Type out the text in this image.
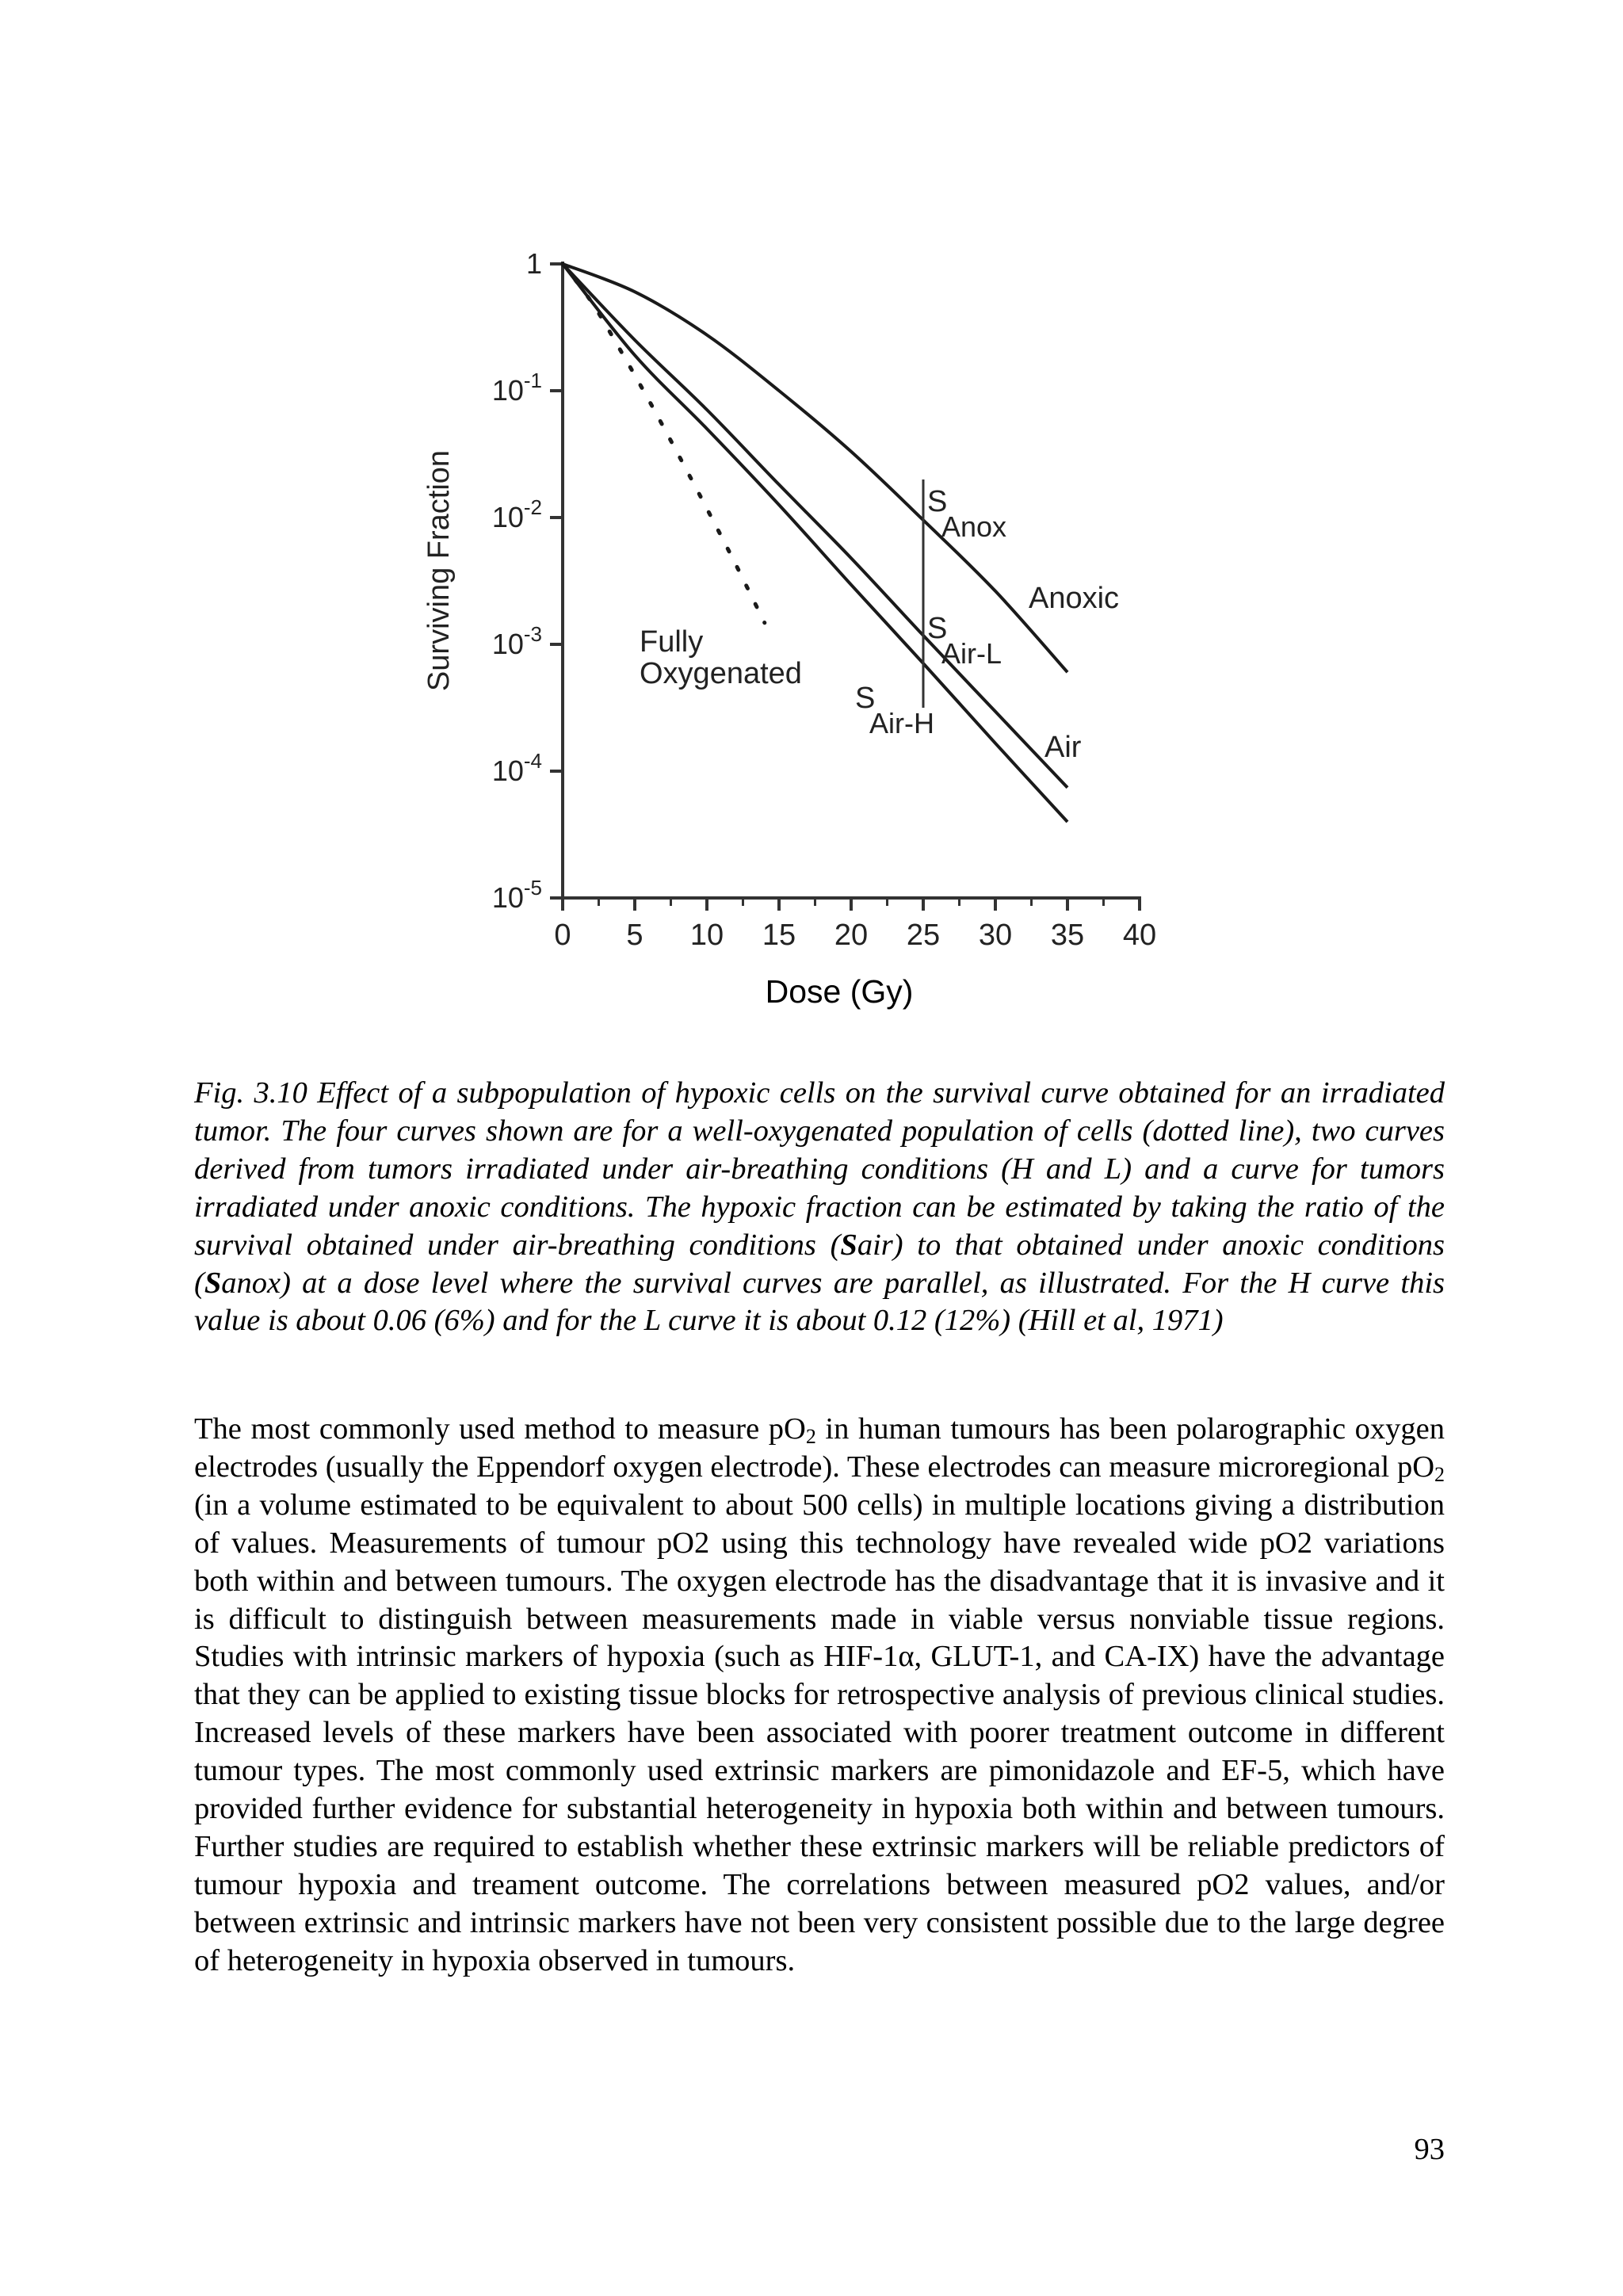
1
$10^{-1}$
$10^{-2}$
$10^{-3}$
$10^{-4}$
$10^{-5}$
0 5 10 15 20 25 30 35 40
S Anox
S Air-L
S Air-H
Fully Oxygenated
Anoxic
Air
Surviving Fraction
Dose (Gy)

Fig. 3.10 Effect of a subpopulation of hypoxic cells on the survival curve obtained for an irradiated tumor. The four curves shown are for a well-oxygenated population of cells (dotted line), two curves derived from tumors irradiated under air-breathing conditions (H and L) and a curve for tumors irradiated under anoxic conditions. The hypoxic fraction can be estimated by taking the ratio of the survival obtained under air-breathing conditions (Sair) to that obtained under anoxic conditions (Sanox) at a dose level where the survival curves are parallel, as illustrated. For the H curve this value is about 0.06 (6%) and for the L curve it is about 0.12 (12%) (Hill et al, 1971)

The most commonly used method to measure $pO_2$ in human tumours has been polarographic oxygen electrodes (usually the Eppendorf oxygen electrode). These electrodes can measure microregional $pO_2$ (in a volume estimated to be equivalent to about 500 cells) in multiple locations giving a distribution of values. Measurements of tumour pO2 using this technology have revealed wide pO2 variations both within and between tumours. The oxygen electrode has the disadvantage that it is invasive and it is difficult to distinguish between measurements made in viable versus nonviable tissue regions. Studies with intrinsic markers of hypoxia (such as HIF-1α, GLUT-1, and CA-IX) have the advantage that they can be applied to existing tissue blocks for retrospective analysis of previous clinical studies. Increased levels of these markers have been associated with poorer treatment outcome in different tumour types. The most commonly used extrinsic markers are pimonidazole and EF-5, which have provided further evidence for substantial heterogeneity in hypoxia both within and between tumours. Further studies are required to establish whether these extrinsic markers will be reliable predictors of tumour hypoxia and treament outcome. The correlations between measured pO2 values, and/or between extrinsic and intrinsic markers have not been very consistent possible due to the large degree of heterogeneity in hypoxia observed in tumours.

93
